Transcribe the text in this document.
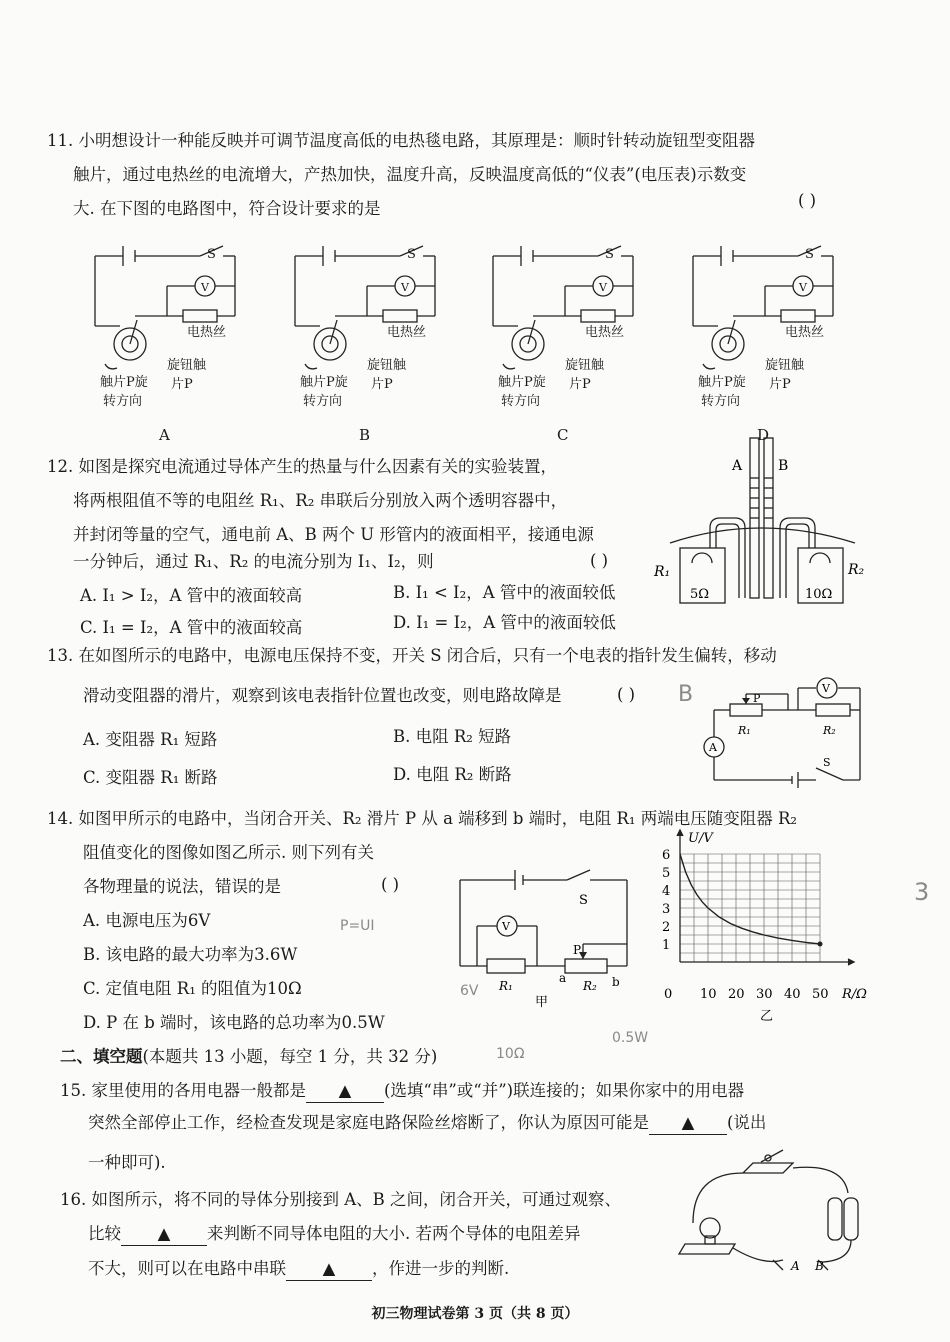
11. 小明想设计一种能反映并可调节温度高低的电热毯电路，其原理是：顺时针转动旋钮型变阻器
触片，通过电热丝的电流增大，产热加快，温度升高，反映温度高低的“仪表”(电压表)示数变
大. 在下图的电路图中，符合设计要求的是	( )
S
V
电热丝
旋钮触
片P
触片P旋
转方向
A
S
V
电热丝
旋钮触
片P
触片P旋
转方向
B
S
V
电热丝
旋钮触
片P
触片P旋
转方向
C
S
V
电热丝
旋钮触
片P
触片P旋
转方向
D
12. 如图是探究电流通过导体产生的热量与什么因素有关的实验装置，
将两根阻值不等的电阻丝 R₁、R₂ 串联后分别放入两个透明容器中，
并封闭等量的空气，通电前 A、B 两个 U 形管内的液面相平，接通电源
一分钟后，通过 R₁、R₂ 的电流分别为 I₁、I₂，则	( )
A. I₁ > I₂，A 管中的液面较高	B. I₁ < I₂，A 管中的液面较低
C. I₁ = I₂，A 管中的液面较高	D. I₁ = I₂，A 管中的液面较低
A	B
R₁	R₂
5Ω	10Ω
13. 在如图所示的电路中，电源电压保持不变，开关 S 闭合后，只有一个电表的指针发生偏转，移动
滑动变阻器的滑片，观察到该电表指针位置也改变，则电路故障是	( )
A. 变阻器 R₁ 短路	B. 电阻 R₂ 短路
C. 变阻器 R₁ 断路	D. 电阻 R₂ 断路
P
V
A
R₁	R₂
S
14. 如图甲所示的电路中，当闭合开关、R₂ 滑片 P 从 a 端移到 b 端时，电阻 R₁ 两端电压随变阻器 R₂
阻值变化的图像如图乙所示. 则下列有关
各物理量的说法，错误的是	( )
A. 电源电压为6V
B. 该电路的最大功率为3.6W
C. 定值电阻 R₁ 的阻值为10Ω
D. P 在 b 端时，该电路的总功率为0.5W
S
V
P
R₁	R₂
a	b
甲
0 10 20 30 40 50
1
2
3
4
5
6
U/V
R/Ω
乙
二、填空题(本题共 13 小题，每空 1 分，共 32 分)
15. 家里使用的各用电器一般都是 ▲ (选填“串”或“并”)联连接的；如果你家中的用电器
突然全部停止工作，经检查发现是家庭电路保险丝熔断了，你认为原因可能是 ▲ (说出
一种即可).
16. 如图所示，将不同的导体分别接到 A、B 之间，闭合开关，可通过观察、
比较 ▲ 来判断不同导体电阻的大小. 若两个导体的电阻差异
不大，则可以在电路中串联 ▲ ，作进一步的判断.	A B
P=UI
6V
10Ω
0.5W
B
3
初三物理试卷第 3 页（共 8 页）
